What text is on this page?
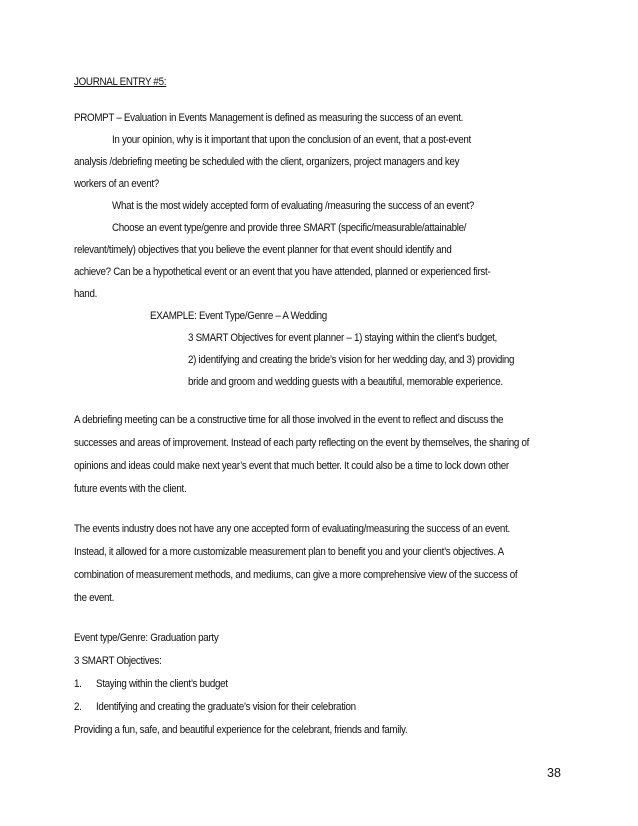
JOURNAL ENTRY #5:
PROMPT – Evaluation in Events Management is defined as measuring the success of an event.
In your opinion, why is it important that upon the conclusion of an event, that a post-event
analysis /debriefing meeting be scheduled with the client, organizers, project managers and key
workers of an event?
What is the most widely accepted form of evaluating /measuring the success of an event?
Choose an event type/genre and provide three SMART (specific/measurable/attainable/
relevant/timely) objectives that you believe the event planner for that event should identify and
achieve? Can be a hypothetical event or an event that you have attended, planned or experienced first-
hand.
EXAMPLE: Event Type/Genre – A Wedding
3 SMART Objectives for event planner – 1) staying within the client’s budget,
2) identifying and creating the bride’s vision for her wedding day, and 3) providing
bride and groom and wedding guests with a beautiful, memorable experience.
A debriefing meeting can be a constructive time for all those involved in the event to reflect and discuss the
successes and areas of improvement. Instead of each party reflecting on the event by themselves, the sharing of
opinions and ideas could make next year’s event that much better. It could also be a time to lock down other
future events with the client.
The events industry does not have any one accepted form of evaluating/measuring the success of an event.
Instead, it allowed for a more customizable measurement plan to benefit you and your client’s objectives. A
combination of measurement methods, and mediums, can give a more comprehensive view of the success of
the event.
Event type/Genre: Graduation party
3 SMART Objectives:
1. Staying within the client’s budget
2. Identifying and creating the graduate’s vision for their celebration
Providing a fun, safe, and beautiful experience for the celebrant, friends and family.
38
